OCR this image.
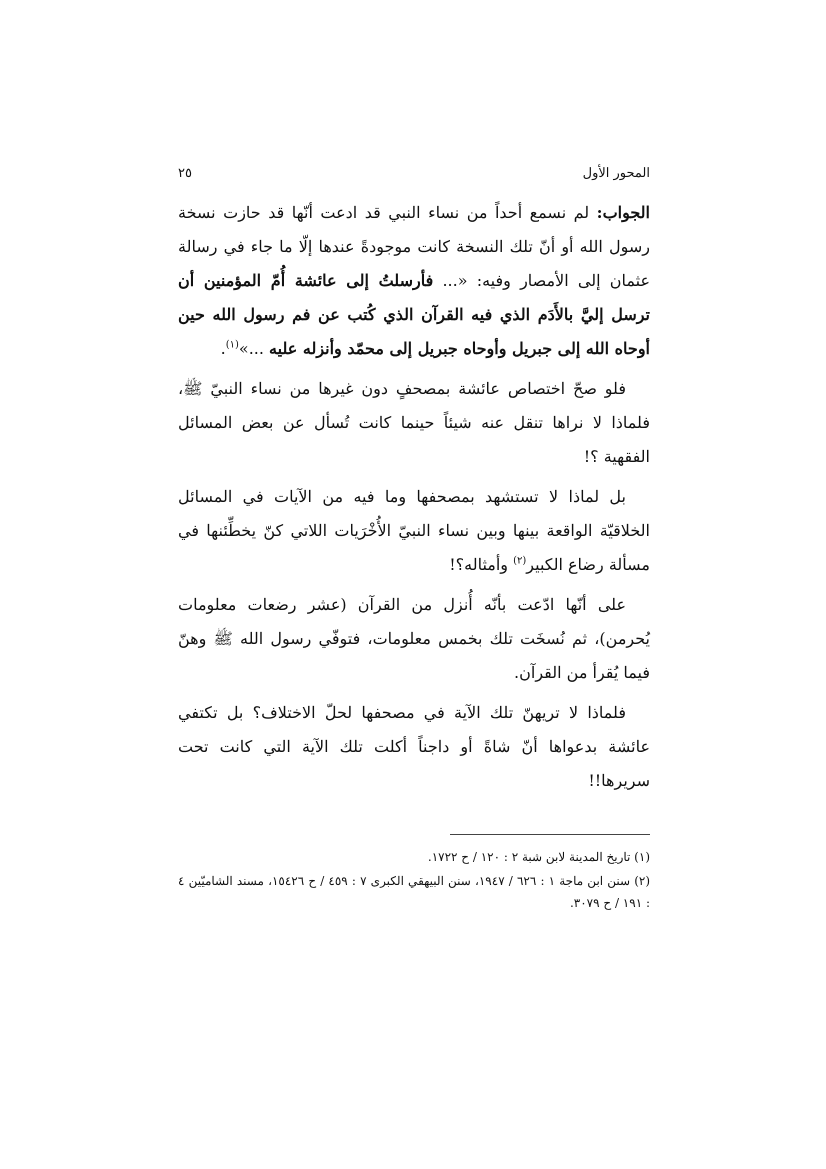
المحور الأول
٢٥

الجواب: لم نسمع أحداً من نساء النبي قد ادعت أنّها قد حازت نسخة رسول الله أو أنّ تلك النسخة كانت موجودةً عندها إلّا ما جاء في رسالة عثمان إلى الأمصار وفيه: «... فأرسلتُ إلى عائشة أُمّ المؤمنين أن ترسل إليَّ بالأَدَم الذي فيه القرآن الذي كُتب عن فم رسول الله حين أوحاه الله إلى جبريل وأوحاه جبريل إلى محمّد وأنزله عليه ...»$^{(١)}$.

فلو صحّ اختصاص عائشة بمصحفٍ دون غيرها من نساء النبيّ ﷺ، فلماذا لا نراها تنقل عنه شيئاً حينما كانت تُسأل عن بعض المسائل الفقهية ؟!

بل لماذا لا تستشهد بمصحفها وما فيه من الآيات في المسائل الخلاقيّة الواقعة بينها وبين نساء النبيّ الأُخْرَيات اللاتي كنّ يخطِّئنها في مسألة رضاع الكبير$^{(٢)}$ وأمثاله؟!

على أنّها ادّعت بأنّه أُنزل من القرآن (عشر رضعات معلومات يُحرمن)، ثم نُسخَت تلك بخمس معلومات، فتوفّي رسول الله ﷺ وهنّ فيما يُقرأ من القرآن.

فلماذا لا تريهنّ تلك الآية في مصحفها لحلّ الاختلاف؟ بل تكتفي عائشة بدعواها أنّ شاةً أو داجناً أكلت تلك الآية التي كانت تحت سريرها!!

(١) تاريخ المدينة لابن شبة ٢ : ١٢٠ / ح ١٧٢٢.

(٢) سنن ابن ماجة ١ : ٦٢٦ / ١٩٤٧، سنن البيهقي الكبرى ٧ : ٤٥٩ / ح ١٥٤٢٦، مسند الشاميّين ٤ : ١٩١ / ح ٣٠٧٩.
